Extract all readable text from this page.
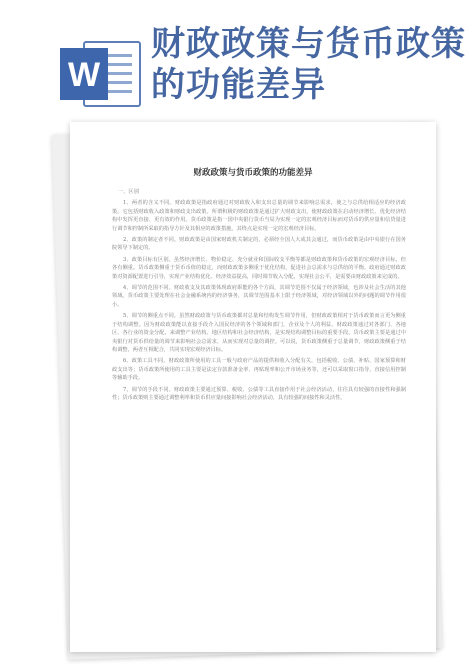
W
财政政策与货币政策的功能差异
财政政策与货币政策的功能差异

一、区别

1、两者的含义不同。财政政策是指政府通过对财政收入和支出总量的调节来影响总需求，使之与总供给相适应的经济政策。它包括财政收入政策和财政支出政策。所谓积极的财政政策是通过扩大财政支出，使财政政策在启动经济增长、优化经济结构中发挥更直接、更有效的作用。货币政策是指一国中央银行货币当局为实现一定的宏观经济目标而对货币的供应量和信贷量进行调节和控制所采取的指导方针及其相应的政策措施。其终点是实现一定的宏观经济目标。

2、政策的制定者不同。财政政策是由国家财政机关制定的，必须经全国人大或其会通过，而货币政策是由中央银行在国务院领导下制定的。

3、政策目标有区别。虽然经济增长、物价稳定、充分就业和国际收支平衡等都是财政政策和货币政策的宏观经济目标，但各有侧重。货币政策侧重于货币币值的稳定，而财政政策多侧重于优化结构，促进社会总需求与总供给的平衡。政府通过财政政策对资源配置进行引导，实现产业结构优化、经济效益提高，同时调节收入分配，实现社会公平，是需要由财政政策来完成的。

4、调节的范围不同。财政收支及其政策体现政府职能的各个方面，其调节范围不仅属于经济领域，也涉及社会生活的其他领域。货币政策主要处理在社会金融系统内的经济事务，其调节范围基本上限于经济领域，对经济领域以外的问题的调节作用很小。

5、调节的侧重点不同。虽然财政政策与货币政策都对总量和结构发生调节作用，但财政政策相对于货币政策而言更为侧重于结构调整。因为财政政策能以直接手段介入国民经济的各个领域和部门，企业及个人的利益。财政政策通过对各部门、各地区、各行业的资金分配，来调整产业结构、地区结构和社会经济结构，是实现结构调整目标的重要手段。货币政策主要是通过中央银行对货币供给量的调节来影响社会总需求，从而实现对总量的调控。可以说，货币政策侧重于总量调节，财政政策侧重于结构调整，两者互相配合，共同实现宏观经济目标。

6、政策工具不同。财政政策所使用的工具一般与政府产品的提供和收入分配有关，包括税收、公债、补贴、国家预算和财政支出等；货币政策所使用的工具主要是法定存款准备金率、再贴现率和公开市场业务等，还可以采取窗口指导、直接信用控制等辅助手段。

7、调节的手段不同。财政政策主要通过预算、税收、公债等工具直接作用于社会经济活动，往往具有较强的直接性和强制性；货币政策则主要通过调整利率和货币供应量间接影响社会经济活动，具有较强的间接性和灵活性。
